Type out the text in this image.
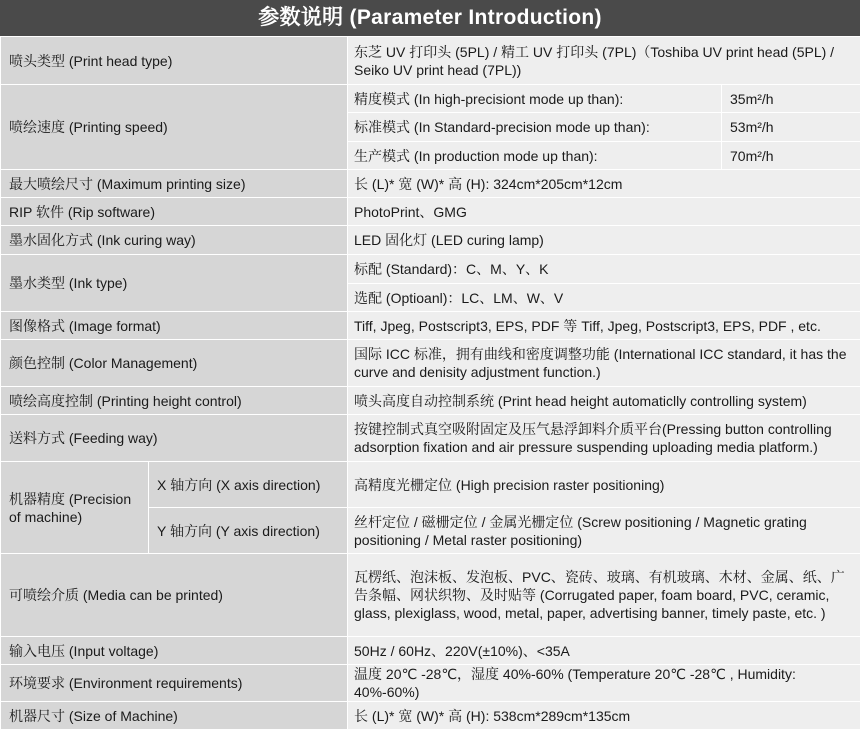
参数说明 (Parameter Introduction)
喷头类型 (Print head type)		东芝 UV 打印头 (5PL) / 精工 UV 打印头 (7PL)（Toshiba UV print head (5PL) / Seiko UV print head (7PL))	
喷绘速度 (Printing speed)		精度模式 (In high-precisiont mode up than):	35m²/h
		标准模式 (In Standard-precision mode up than):	53m²/h
		生产模式 (In production mode up than):	70m²/h
最大喷绘尺寸 (Maximum printing size)		长 (L)* 宽 (W)* 高 (H): 324cm*205cm*12cm	
RIP 软件 (Rip software)		PhotoPrint、GMG	
墨水固化方式 (Ink curing way)		LED 固化灯 (LED curing lamp)	
墨水类型 (Ink type)		标配 (Standard)：C、M、Y、K	
		选配 (Optioanl)：LC、LM、W、V	
图像格式 (Image format)		Tiff, Jpeg, Postscript3, EPS, PDF 等 Tiff, Jpeg, Postscript3, EPS, PDF , etc.	
颜色控制 (Color Management)		国际 ICC 标准，拥有曲线和密度调整功能 (International ICC standard, it has the curve and denisity adjustment function.)	
喷绘高度控制 (Printing height control)		喷头高度自动控制系统 (Print head height automaticlly controlling system)	
送料方式 (Feeding way)		按键控制式真空吸附固定及压气悬浮卸料介质平台(Pressing button controlling adsorption fixation and air pressure suspending uploading media platform.)	
机器精度 (Precision of machine)	X 轴方向 (X axis direction)	高精度光栅定位 (High precision raster positioning)	
	Y 轴方向 (Y axis direction)	丝杆定位 / 磁栅定位 / 金属光栅定位 (Screw positioning / Magnetic grating positioning / Metal raster positioning)	
可喷绘介质 (Media can be printed)		瓦楞纸、泡沫板、发泡板、PVC、瓷砖、玻璃、有机玻璃、木材、金属、纸、广告条幅、网状织物、及时贴等 (Corrugated paper, foam board, PVC, ceramic, glass, plexiglass, wood, metal, paper, advertising banner, timely paste, etc. )	
输入电压 (Input voltage)		50Hz / 60Hz、220V(±10%)、<35A	
环境要求 (Environment requirements)		温度 20℃ -28℃，湿度 40%-60% (Temperature 20℃ -28℃ , Humidity: 40%-60%)	
机器尺寸 (Size of Machine)		长 (L)* 宽 (W)* 高 (H): 538cm*289cm*135cm	
